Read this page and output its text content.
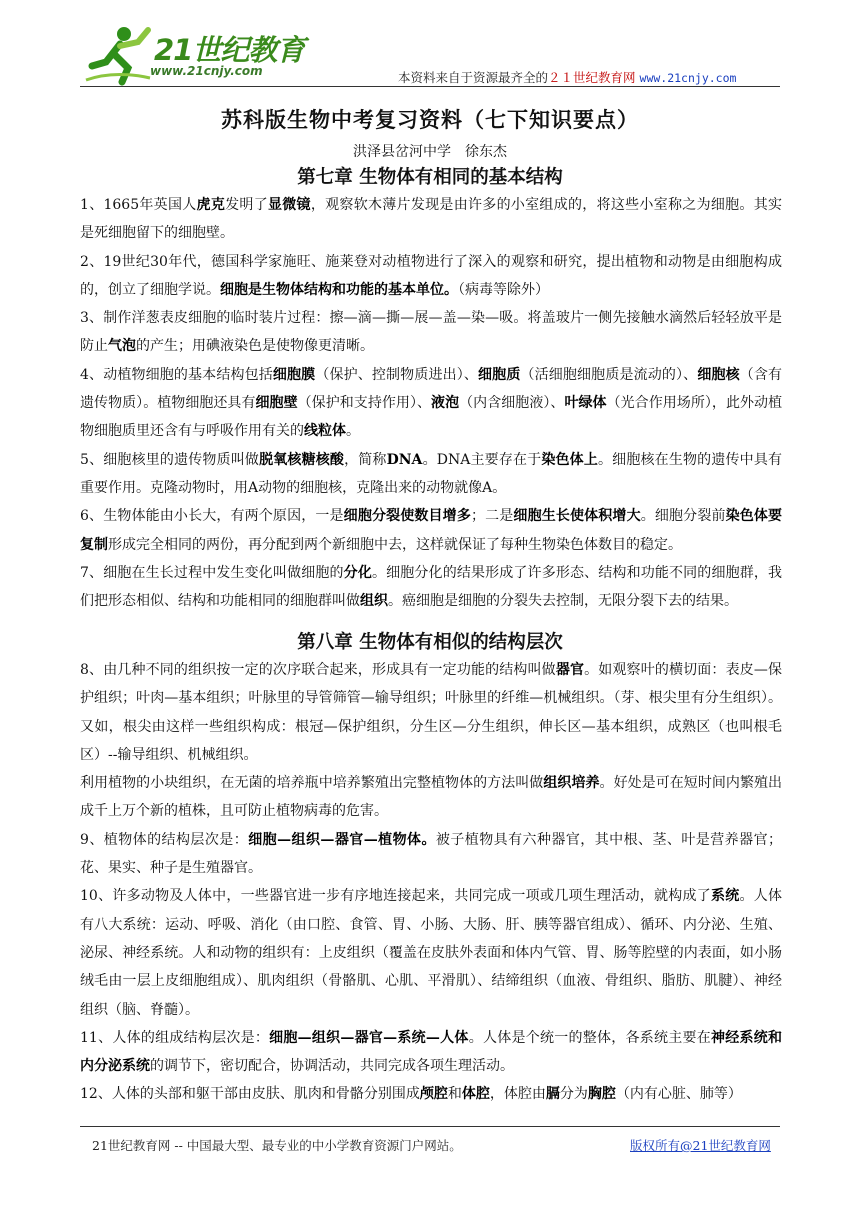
21世纪教育
www.21cnjy.com	本资料来自于资源最齐全的２１世纪教育网 www.21cnjy.com
苏科版生物中考复习资料（七下知识要点）
洪泽县岔河中学　徐东杰
第七章 生物体有相同的基本结构

1、1665年英国人虎克发明了显微镜，观察软木薄片发现是由许多的小室组成的，将这些小室称之为细胞。其实是死细胞留下的细胞壁。

2、19世纪30年代，德国科学家施旺、施莱登对动植物进行了深入的观察和研究，提出植物和动物是由细胞构成的，创立了细胞学说。细胞是生物体结构和功能的基本单位。（病毒等除外）

3、制作洋葱表皮细胞的临时装片过程：擦—滴—撕—展—盖—染—吸。将盖玻片一侧先接触水滴然后轻轻放平是防止气泡的产生；用碘液染色是使物像更清晰。

4、动植物细胞的基本结构包括细胞膜（保护、控制物质进出）、细胞质（活细胞细胞质是流动的）、细胞核（含有遗传物质）。植物细胞还具有细胞壁（保护和支持作用）、液泡（内含细胞液）、叶绿体（光合作用场所），此外动植物细胞质里还含有与呼吸作用有关的线粒体。

5、细胞核里的遗传物质叫做脱氧核糖核酸，简称DNA。DNA主要存在于染色体上。细胞核在生物的遗传中具有重要作用。克隆动物时，用A动物的细胞核，克隆出来的动物就像A。

6、生物体能由小长大，有两个原因，一是细胞分裂使数目增多；二是细胞生长使体积增大。细胞分裂前染色体要复制形成完全相同的两份，再分配到两个新细胞中去，这样就保证了每种生物染色体数目的稳定。

7、细胞在生长过程中发生变化叫做细胞的分化。细胞分化的结果形成了许多形态、结构和功能不同的细胞群，我们把形态相似、结构和功能相同的细胞群叫做组织。癌细胞是细胞的分裂失去控制，无限分裂下去的结果。

第八章 生物体有相似的结构层次

8、由几种不同的组织按一定的次序联合起来，形成具有一定功能的结构叫做器官。如观察叶的横切面：表皮—保护组织；叶肉—基本组织；叶脉里的导管筛管—输导组织；叶脉里的纤维—机械组织。（芽、根尖里有分生组织）。又如，根尖由这样一些组织构成：根冠—保护组织，分生区—分生组织，伸长区—基本组织，成熟区（也叫根毛区）--输导组织、机械组织。

利用植物的小块组织，在无菌的培养瓶中培养繁殖出完整植物体的方法叫做组织培养。好处是可在短时间内繁殖出成千上万个新的植株，且可防止植物病毒的危害。

9、植物体的结构层次是：细胞—组织—器官—植物体。被子植物具有六种器官，其中根、茎、叶是营养器官；花、果实、种子是生殖器官。

10、许多动物及人体中，一些器官进一步有序地连接起来，共同完成一项或几项生理活动，就构成了系统。人体有八大系统：运动、呼吸、消化（由口腔、食管、胃、小肠、大肠、肝、胰等器官组成）、循环、内分泌、生殖、泌尿、神经系统。人和动物的组织有：上皮组织（覆盖在皮肤外表面和体内气管、胃、肠等腔壁的内表面，如小肠绒毛由一层上皮细胞组成）、肌肉组织（骨骼肌、心肌、平滑肌）、结缔组织（血液、骨组织、脂肪、肌腱）、神经组织（脑、脊髓）。

11、人体的组成结构层次是：细胞—组织—器官—系统—人体。人体是个统一的整体，各系统主要在神经系统和内分泌系统的调节下，密切配合，协调活动，共同完成各项生理活动。

12、人体的头部和躯干部由皮肤、肌肉和骨骼分别围成颅腔和体腔，体腔由膈分为胸腔（内有心脏、肺等）

21世纪教育网 -- 中国最大型、最专业的中小学教育资源门户网站。	版权所有@21世纪教育网
